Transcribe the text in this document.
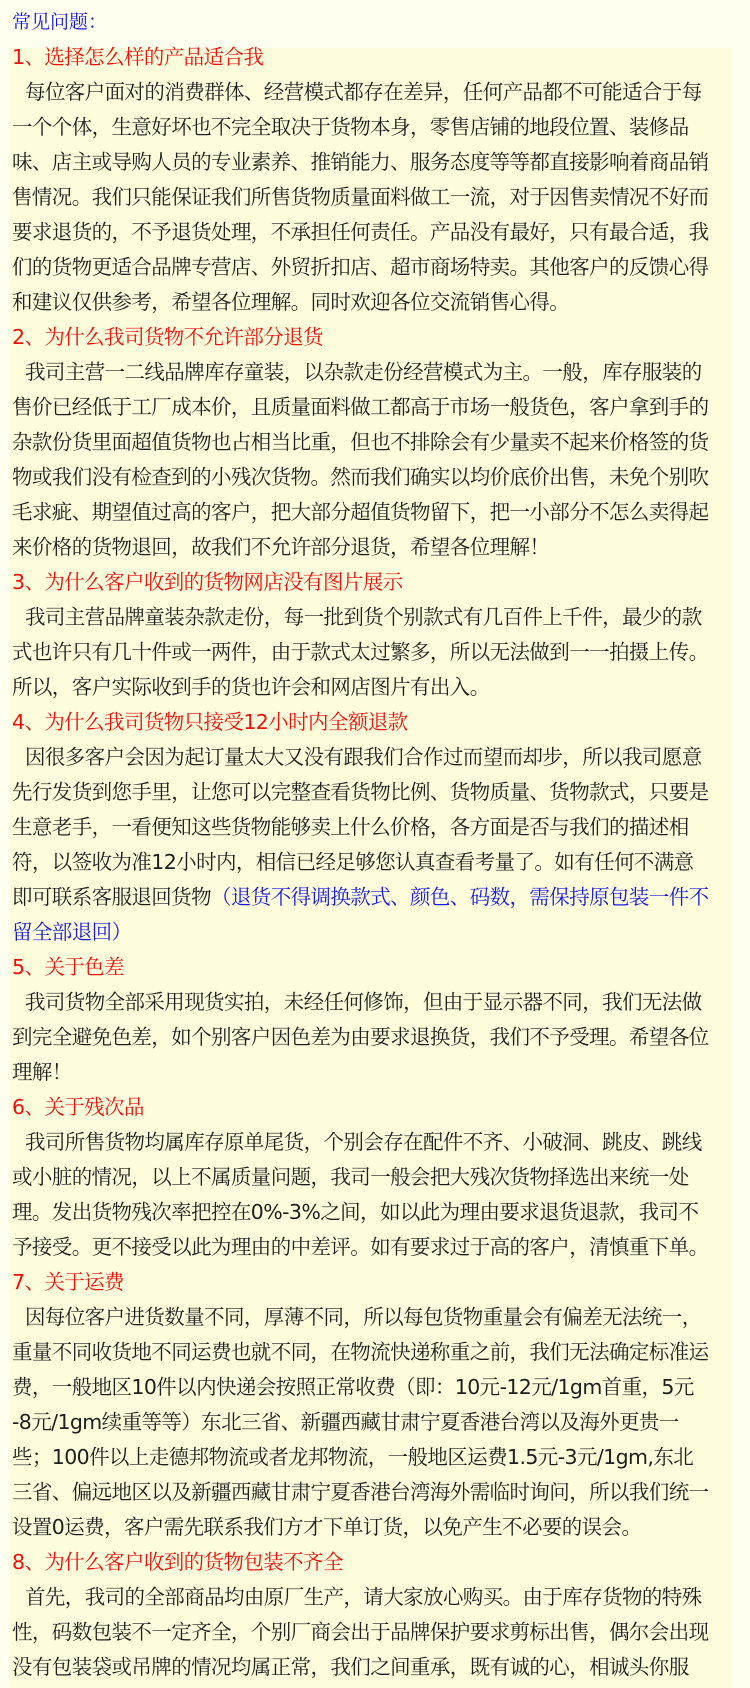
常见问题：
1、选择怎么样的产品适合我
每位客户面对的消费群体、经营模式都存在差异，任何产品都不可能适合于每
一个个体，生意好坏也不完全取决于货物本身，零售店铺的地段位置、装修品
味、店主或导购人员的专业素养、推销能力、服务态度等等都直接影响着商品销
售情况。我们只能保证我们所售货物质量面料做工一流，对于因售卖情况不好而
要求退货的，不予退货处理，不承担任何责任。产品没有最好，只有最合适，我
们的货物更适合品牌专营店、外贸折扣店、超市商场特卖。其他客户的反馈心得
和建议仅供参考，希望各位理解。同时欢迎各位交流销售心得。
2、为什么我司货物不允许部分退货
我司主营一二线品牌库存童装，以杂款走份经营模式为主。一般，库存服装的
售价已经低于工厂成本价，且质量面料做工都高于市场一般货色，客户拿到手的
杂款份货里面超值货物也占相当比重，但也不排除会有少量卖不起来价格签的货
物或我们没有检查到的小残次货物。然而我们确实以均价底价出售，未免个别吹
毛求疵、期望值过高的客户，把大部分超值货物留下，把一小部分不怎么卖得起
来价格的货物退回，故我们不允许部分退货，希望各位理解！
3、为什么客户收到的货物网店没有图片展示
我司主营品牌童装杂款走份，每一批到货个别款式有几百件上千件，最少的款
式也许只有几十件或一两件，由于款式太过繁多，所以无法做到一一拍摄上传。
所以，客户实际收到手的货也许会和网店图片有出入。
4、为什么我司货物只接受12小时内全额退款
因很多客户会因为起订量太大又没有跟我们合作过而望而却步，所以我司愿意
先行发货到您手里，让您可以完整查看货物比例、货物质量、货物款式，只要是
生意老手，一看便知这些货物能够卖上什么价格，各方面是否与我们的描述相
符，以签收为准12小时内，相信已经足够您认真查看考量了。如有任何不满意
即可联系客服退回货物（退货不得调换款式、颜色、码数，需保持原包装一件不
留全部退回）
5、关于色差
我司货物全部采用现货实拍，未经任何修饰，但由于显示器不同，我们无法做
到完全避免色差，如个别客户因色差为由要求退换货，我们不予受理。希望各位
理解！
6、关于残次品
我司所售货物均属库存原单尾货，个别会存在配件不齐、小破洞、跳皮、跳线
或小脏的情况，以上不属质量问题，我司一般会把大残次货物择选出来统一处
理。发出货物残次率把控在0%-3%之间，如以此为理由要求退货退款，我司不
予接受。更不接受以此为理由的中差评。如有要求过于高的客户，清慎重下单。
7、关于运费
因每位客户进货数量不同，厚薄不同，所以每包货物重量会有偏差无法统一，
重量不同收货地不同运费也就不同，在物流快递称重之前，我们无法确定标准运
费，一般地区10件以内快递会按照正常收费（即：10元-12元/1gm首重，5元
-8元/1gm续重等等）东北三省、新疆西藏甘肃宁夏香港台湾以及海外更贵一
些；100件以上走德邦物流或者龙邦物流，一般地区运费1.5元-3元/1gm,东北
三省、偏远地区以及新疆西藏甘肃宁夏香港台湾海外需临时询问，所以我们统一
设置0运费，客户需先联系我们方才下单订货，以免产生不必要的误会。
8、为什么客户收到的货物包装不齐全
首先，我司的全部商品均由原厂生产，请大家放心购买。由于库存货物的特殊
性，码数包装不一定齐全，个别厂商会出于品牌保护要求剪标出售，偶尔会出现
没有包装袋或吊牌的情况均属正常，我们之间重承，既有诚的心，相诚头你服
